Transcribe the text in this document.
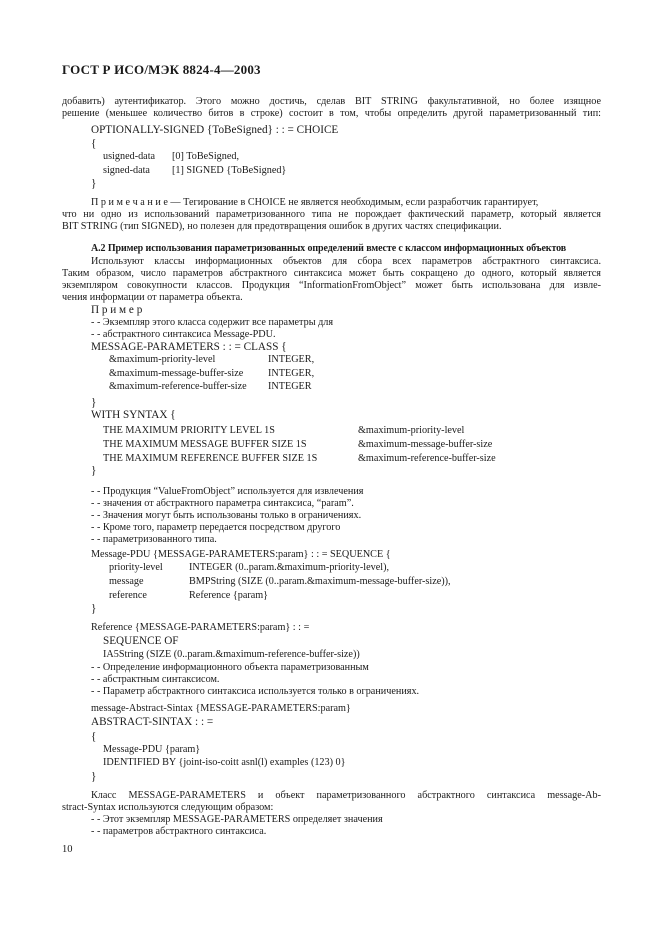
ГОСТ Р ИСО/МЭК 8824-4—2003
добавить) аутентификатор. Этого можно достичь, сделав BIT STRING факультативной, но более изящное
решение (меньшее количество битов в строке) состоит в том, чтобы определить другой параметризованный тип:
OPTIONALLY-SIGNED {ToBeSigned} : : = CHOICE
{
usigned-data [0] ToBeSigned,
signed-data [1] SIGNED {ToBeSigned}
}
П р и м е ч а н и е — Тегирование в CHOICE не является необходимым, если разработчик гарантирует,
что ни одно из использований параметризованного типа не порождает фактический параметр, который является
BIT STRING (тип SIGNED), но полезен для предотвращения ошибок в других частях спецификации.
А.2 Пример использования параметризованных определений вместе с классом информационных объектов
Используют классы информационных объектов для сбора всех параметров абстрактного синтаксиса.
Таким образом, число параметров абстрактного синтаксиса может быть сокращено до одного, который является
экземпляром совокупности классов. Продукция “InformationFromObject” может быть использована для извле-
чения информации от параметра объекта.
П р и м е р
- - Экземпляр этого класса содержит все параметры для
- - абстрактного синтаксиса Message-PDU.
MESSAGE-PARAMETERS : : = CLASS {
&maximum-priority-level	INTEGER,
&maximum-message-buffer-size INTEGER,
&maximum-reference-buffer-size INTEGER
}
WITH SYNTAX {
THE MAXIMUM PRIORITY LEVEL 1S	&maximum-priority-level
THE MAXIMUM MESSAGE BUFFER SIZE 1S	&maximum-message-buffer-size
THE MAXIMUM REFERENCE BUFFER SIZE 1S	&maximum-reference-buffer-size
}
- - Продукция “ValueFromObject” используется для извлечения
- - значения от абстрактного параметра синтаксиса, “param”.
- - Значения могут быть использованы только в ограничениях.
- - Кроме того, параметр передается посредством другого
- - параметризованного типа.
Message-PDU {MESSAGE-PARAMETERS:param} : : = SEQUENCE {
priority-level	INTEGER (0..param.&maximum-priority-level),
message	BMPString (SIZE (0..param.&maximum-message-buffer-size)),
reference	Reference {param}
}
Reference {MESSAGE-PARAMETERS:param} : : =
SEQUENCE OF
IA5String (SIZE (0..param.&maximum-reference-buffer-size))
- - Определение информационного объекта параметризованным
- - абстрактным синтаксисом.
- - Параметр абстрактного синтаксиса используется только в ограничениях.
message-Abstract-Sintax {MESSAGE-PARAMETERS:param}
ABSTRACT-SINTAX : : =
{
Message-PDU {param}
IDENTIFIED BY {joint-iso-coitt asnl(l) examples (123) 0}
}
Класс MESSAGE-PARAMETERS и объект параметризованного абстрактного синтаксиса message-Ab-
stract-Syntax используются следующим образом:
- - Этот экземпляр MESSAGE-PARAMETERS определяет значения
- - параметров абстрактного синтаксиса.
10
